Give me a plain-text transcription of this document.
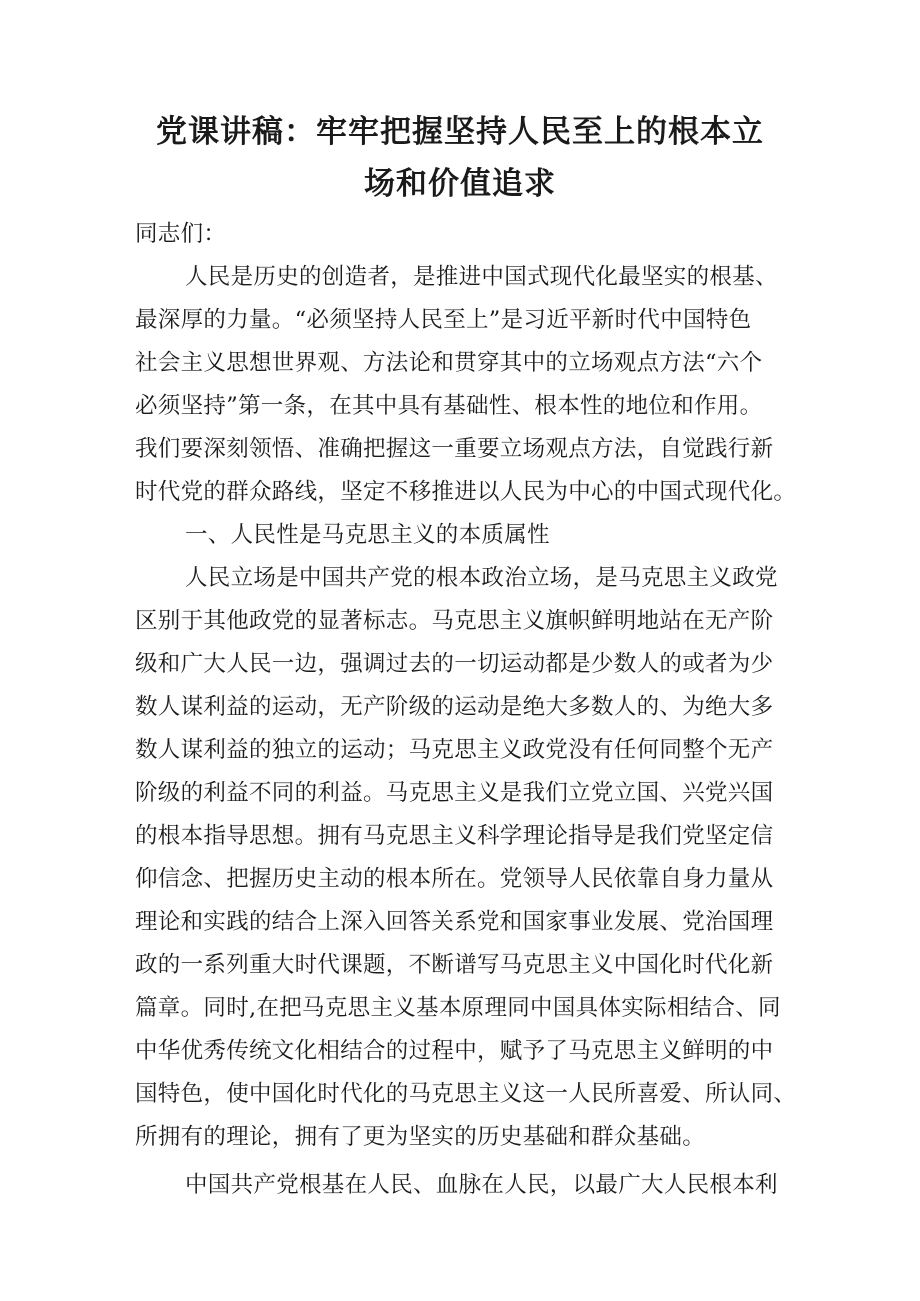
党课讲稿：牢牢把握坚持人民至上的根本立
场和价值追求
同志们：
人民是历史的创造者，是推进中国式现代化最坚实的根基、
最深厚的力量。“必须坚持人民至上”是习近平新时代中国特色
社会主义思想世界观、方法论和贯穿其中的立场观点方法“六个
必须坚持”第一条，在其中具有基础性、根本性的地位和作用。
我们要深刻领悟、准确把握这一重要立场观点方法，自觉践行新
时代党的群众路线，坚定不移推进以人民为中心的中国式现代化。
一、人民性是马克思主义的本质属性
人民立场是中国共产党的根本政治立场，是马克思主义政党
区别于其他政党的显著标志。马克思主义旗帜鲜明地站在无产阶
级和广大人民一边，强调过去的一切运动都是少数人的或者为少
数人谋利益的运动，无产阶级的运动是绝大多数人的、为绝大多
数人谋利益的独立的运动；马克思主义政党没有任何同整个无产
阶级的利益不同的利益。马克思主义是我们立党立国、兴党兴国
的根本指导思想。拥有马克思主义科学理论指导是我们党坚定信
仰信念、把握历史主动的根本所在。党领导人民依靠自身力量从
理论和实践的结合上深入回答关系党和国家事业发展、党治国理
政的一系列重大时代课题，不断谱写马克思主义中国化时代化新
篇章。同时,在把马克思主义基本原理同中国具体实际相结合、同
中华优秀传统文化相结合的过程中，赋予了马克思主义鲜明的中
国特色，使中国化时代化的马克思主义这一人民所喜爱、所认同、
所拥有的理论，拥有了更为坚实的历史基础和群众基础。
中国共产党根基在人民、血脉在人民，以最广大人民根本利
